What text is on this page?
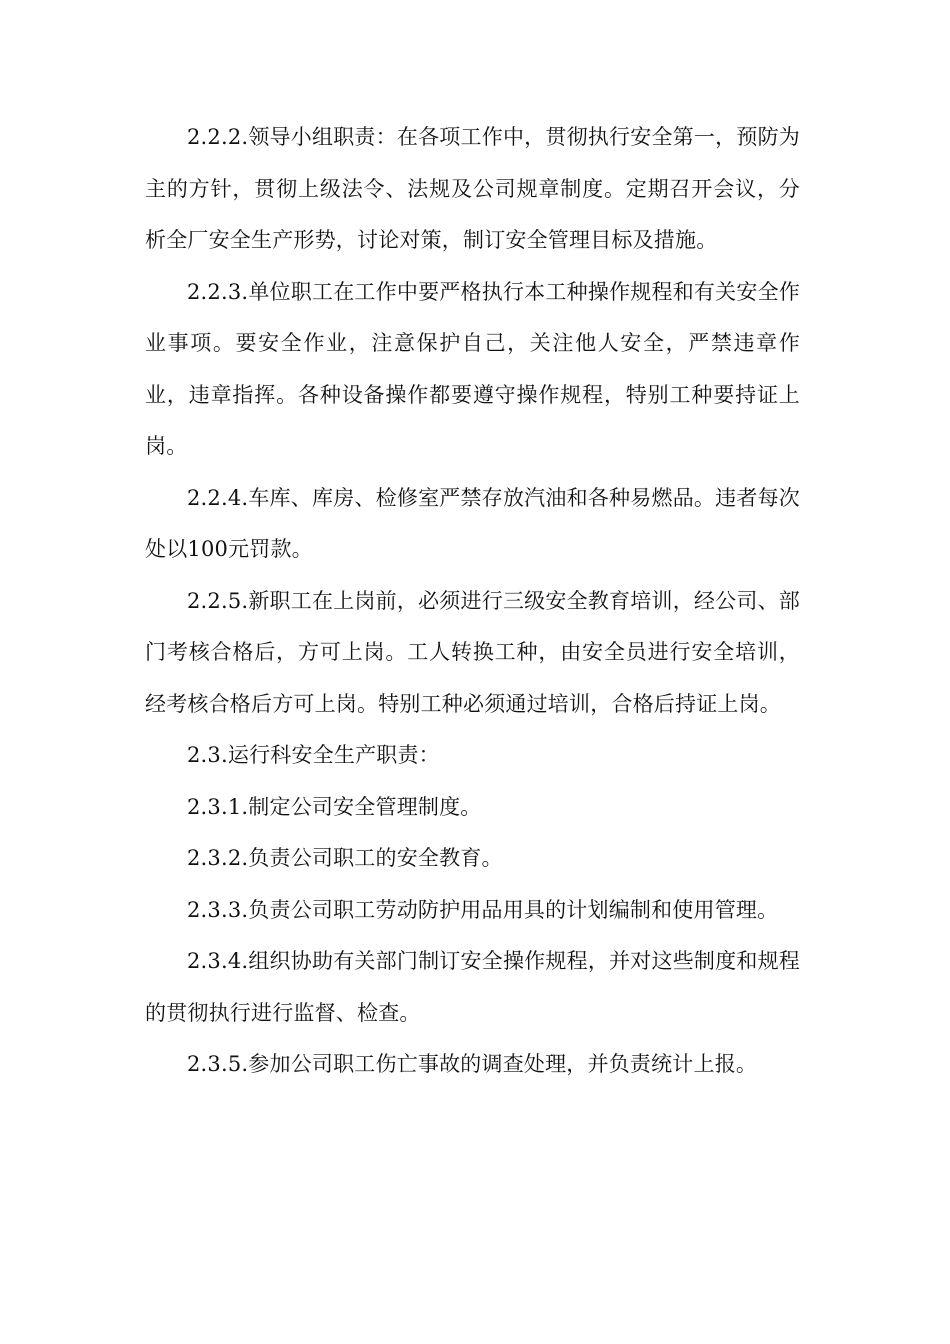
2.2.2.领导小组职责：在各项工作中，贯彻执行安全第一，预防为主的方针，贯彻上级法令、法规及公司规章制度。定期召开会议，分析全厂安全生产形势，讨论对策，制订安全管理目标及措施。

2.2.3.单位职工在工作中要严格执行本工种操作规程和有关安全作业事项。要安全作业，注意保护自己，关注他人安全，严禁违章作业，违章指挥。各种设备操作都要遵守操作规程，特别工种要持证上岗。

2.2.4.车库、库房、检修室严禁存放汽油和各种易燃品。违者每次处以100元罚款。

2.2.5.新职工在上岗前，必须进行三级安全教育培训，经公司、部门考核合格后，方可上岗。工人转换工种，由安全员进行安全培训，经考核合格后方可上岗。特别工种必须通过培训，合格后持证上岗。

2.3.运行科安全生产职责：

2.3.1.制定公司安全管理制度。

2.3.2.负责公司职工的安全教育。

2.3.3.负责公司职工劳动防护用品用具的计划编制和使用管理。

2.3.4.组织协助有关部门制订安全操作规程，并对这些制度和规程的贯彻执行进行监督、检查。

2.3.5.参加公司职工伤亡事故的调查处理，并负责统计上报。
